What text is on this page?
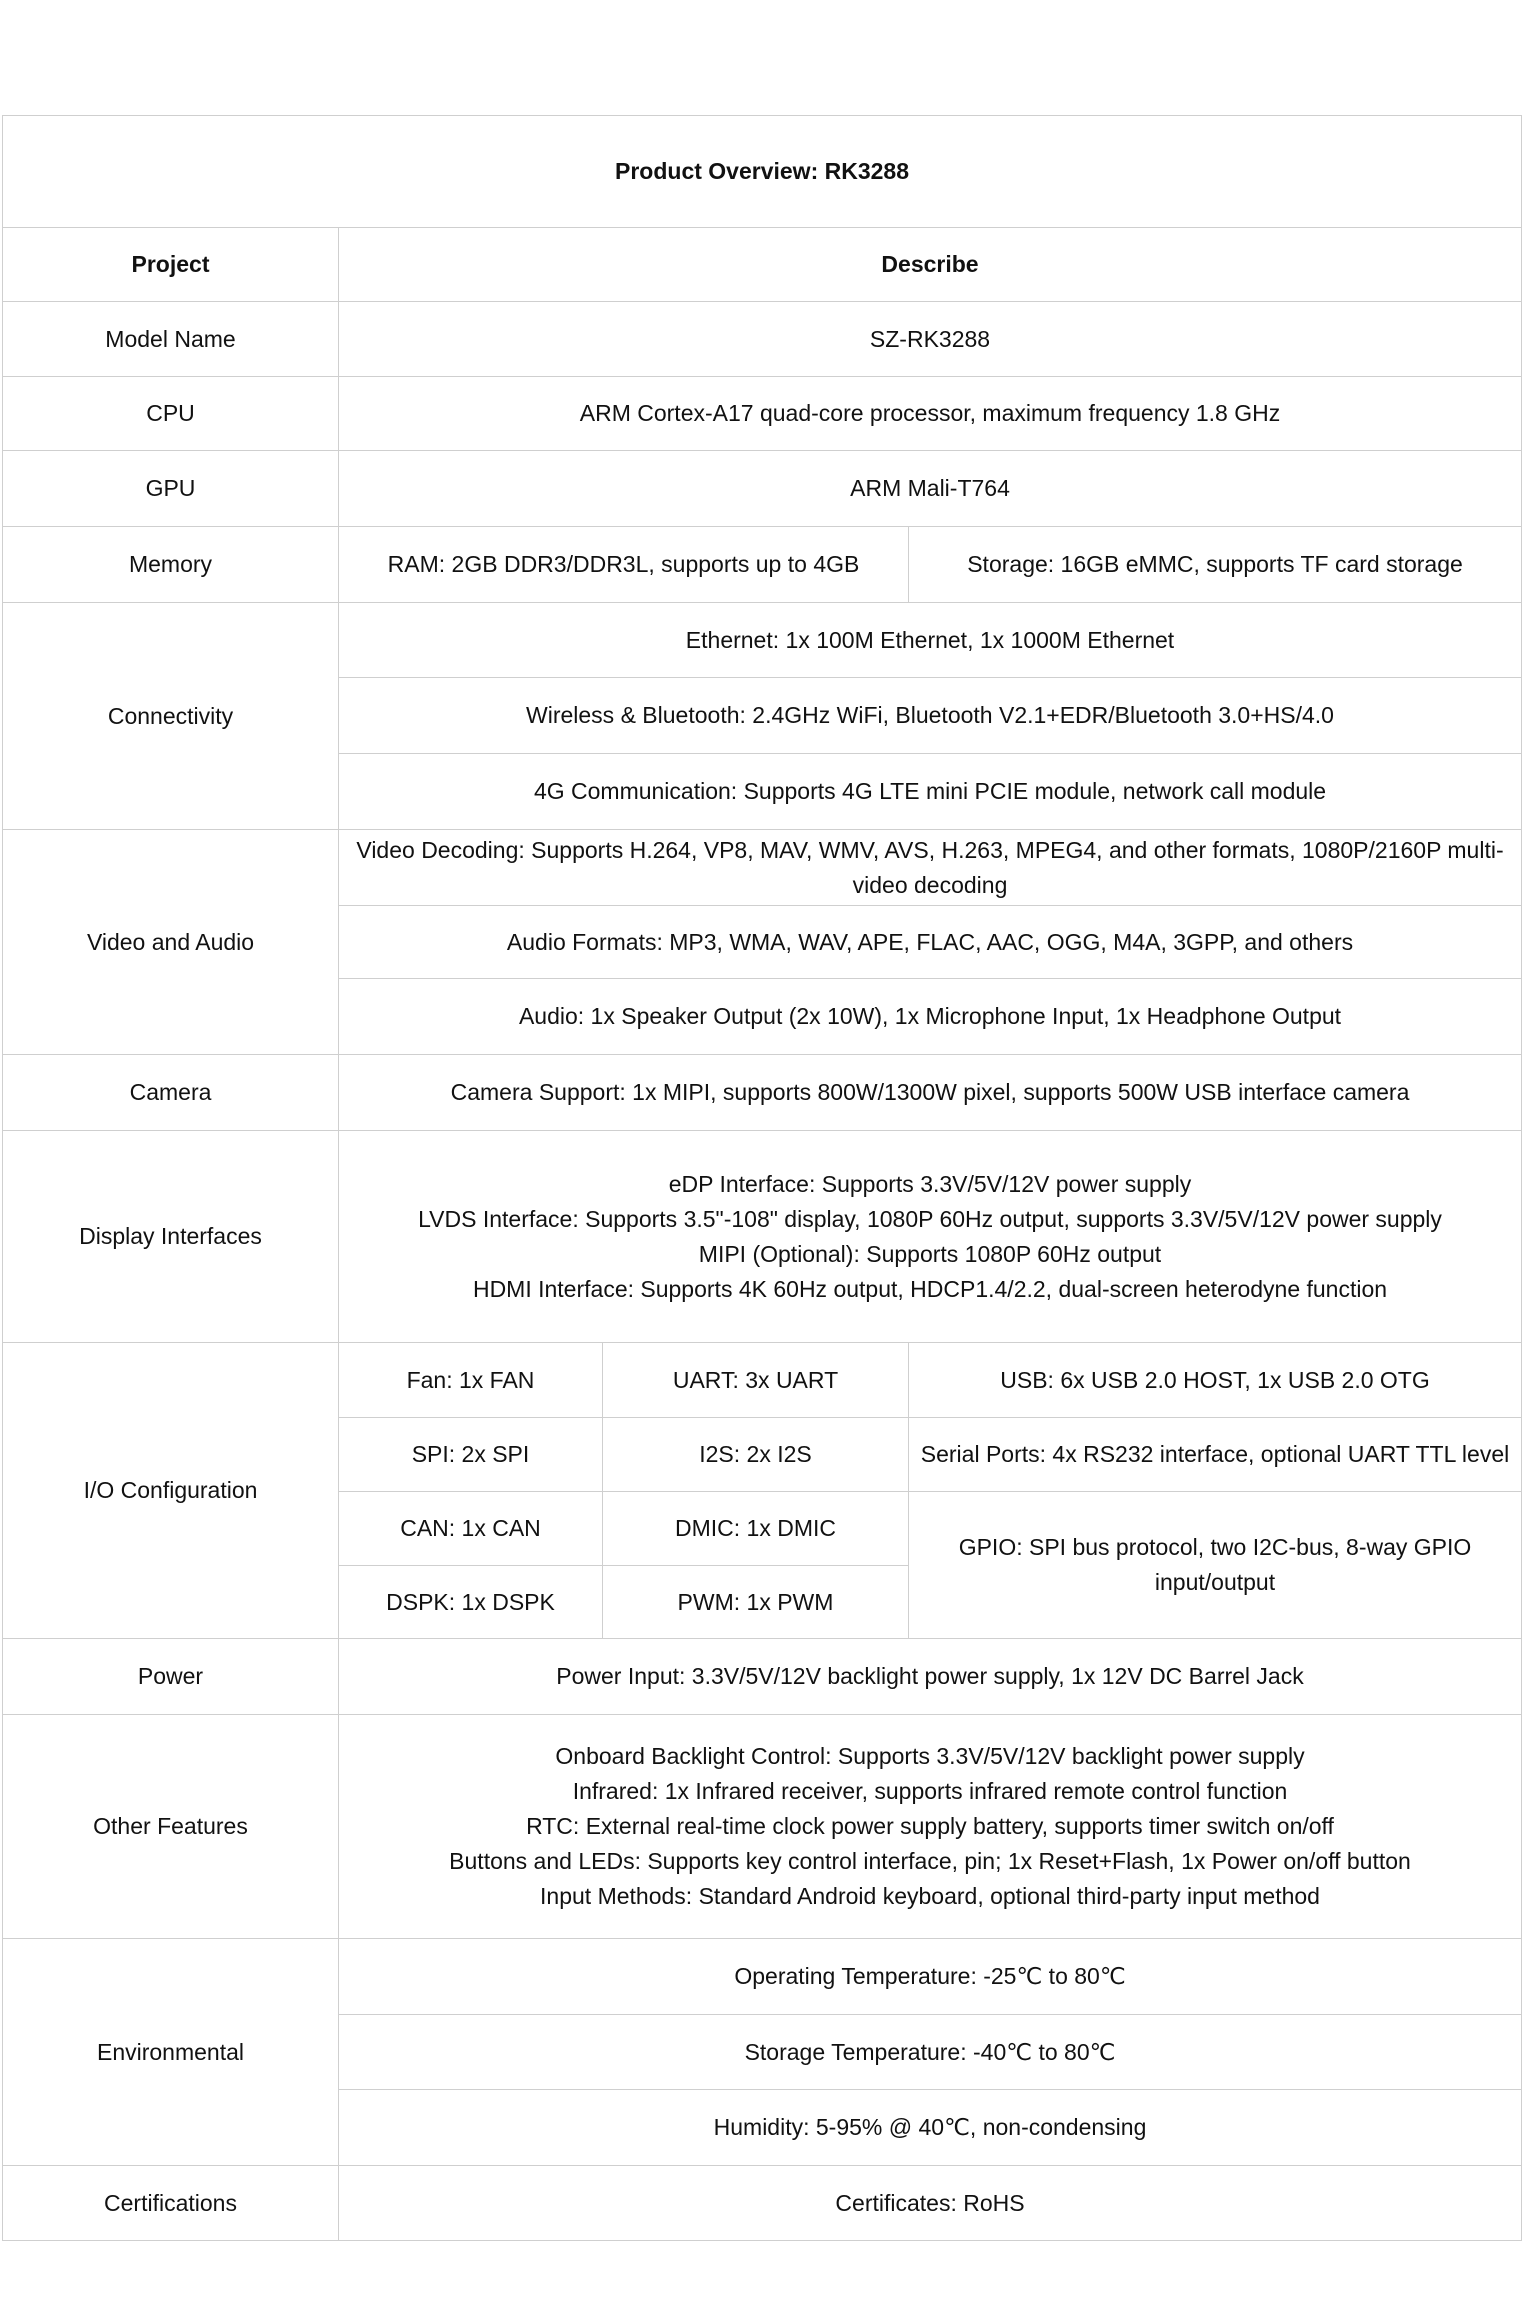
Product Overview: RK3288			
Project	Describe		
Model Name	SZ-RK3288		
CPU	ARM Cortex-A17 quad-core processor, maximum frequency 1.8 GHz		
GPU	ARM Mali-T764		
Memory	RAM: 2GB DDR3/DDR3L, supports up to 4GB		Storage: 16GB eMMC, supports TF card storage
Connectivity	Ethernet: 1x 100M Ethernet, 1x 1000M Ethernet		
	Wireless & Bluetooth: 2.4GHz WiFi, Bluetooth V2.1+EDR/Bluetooth 3.0+HS/4.0		
	4G Communication: Supports 4G LTE mini PCIE module, network call module		
Video and Audio	Video Decoding: Supports H.264, VP8, MAV, WMV, AVS, H.263, MPEG4, and other formats, 1080P/2160P multi-video decoding		
	Audio Formats: MP3, WMA, WAV, APE, FLAC, AAC, OGG, M4A, 3GPP, and others		
	Audio: 1x Speaker Output (2x 10W), 1x Microphone Input, 1x Headphone Output		
Camera	Camera Support: 1x MIPI, supports 800W/1300W pixel, supports 500W USB interface camera		
Display Interfaces	eDP Interface: Supports 3.3V/5V/12V power supply
LVDS Interface: Supports 3.5"-108" display, 1080P 60Hz output, supports 3.3V/5V/12V power supply
MIPI (Optional): Supports 1080P 60Hz output
HDMI Interface: Supports 4K 60Hz output, HDCP1.4/2.2, dual-screen heterodyne function		

I/O Configuration	Fan: 1x FAN	UART: 3x UART	USB: 6x USB 2.0 HOST, 1x USB 2.0 OTG
	SPI: 2x SPI	I2S: 2x I2S	Serial Ports: 4x RS232 interface, optional UART TTL level
	CAN: 1x CAN	DMIC: 1x DMIC	GPIO: SPI bus protocol, two I2C-bus, 8-way GPIO input/output
	DSPK: 1x DSPK	PWM: 1x PWM	
Power	Power Input: 3.3V/5V/12V backlight power supply, 1x 12V DC Barrel Jack		
Other Features	Onboard Backlight Control: Supports 3.3V/5V/12V backlight power supply
Infrared: 1x Infrared receiver, supports infrared remote control function
RTC: External real-time clock power supply battery, supports timer switch on/off
Buttons and LEDs: Supports key control interface, pin; 1x Reset+Flash, 1x Power on/off button
Input Methods: Standard Android keyboard, optional third-party input method		

Environmental	Operating Temperature: -25℃ to 80℃		
	Storage Temperature: -40℃ to 80℃		
	Humidity: 5-95% @ 40℃, non-condensing		
Certifications	Certificates: RoHS		
